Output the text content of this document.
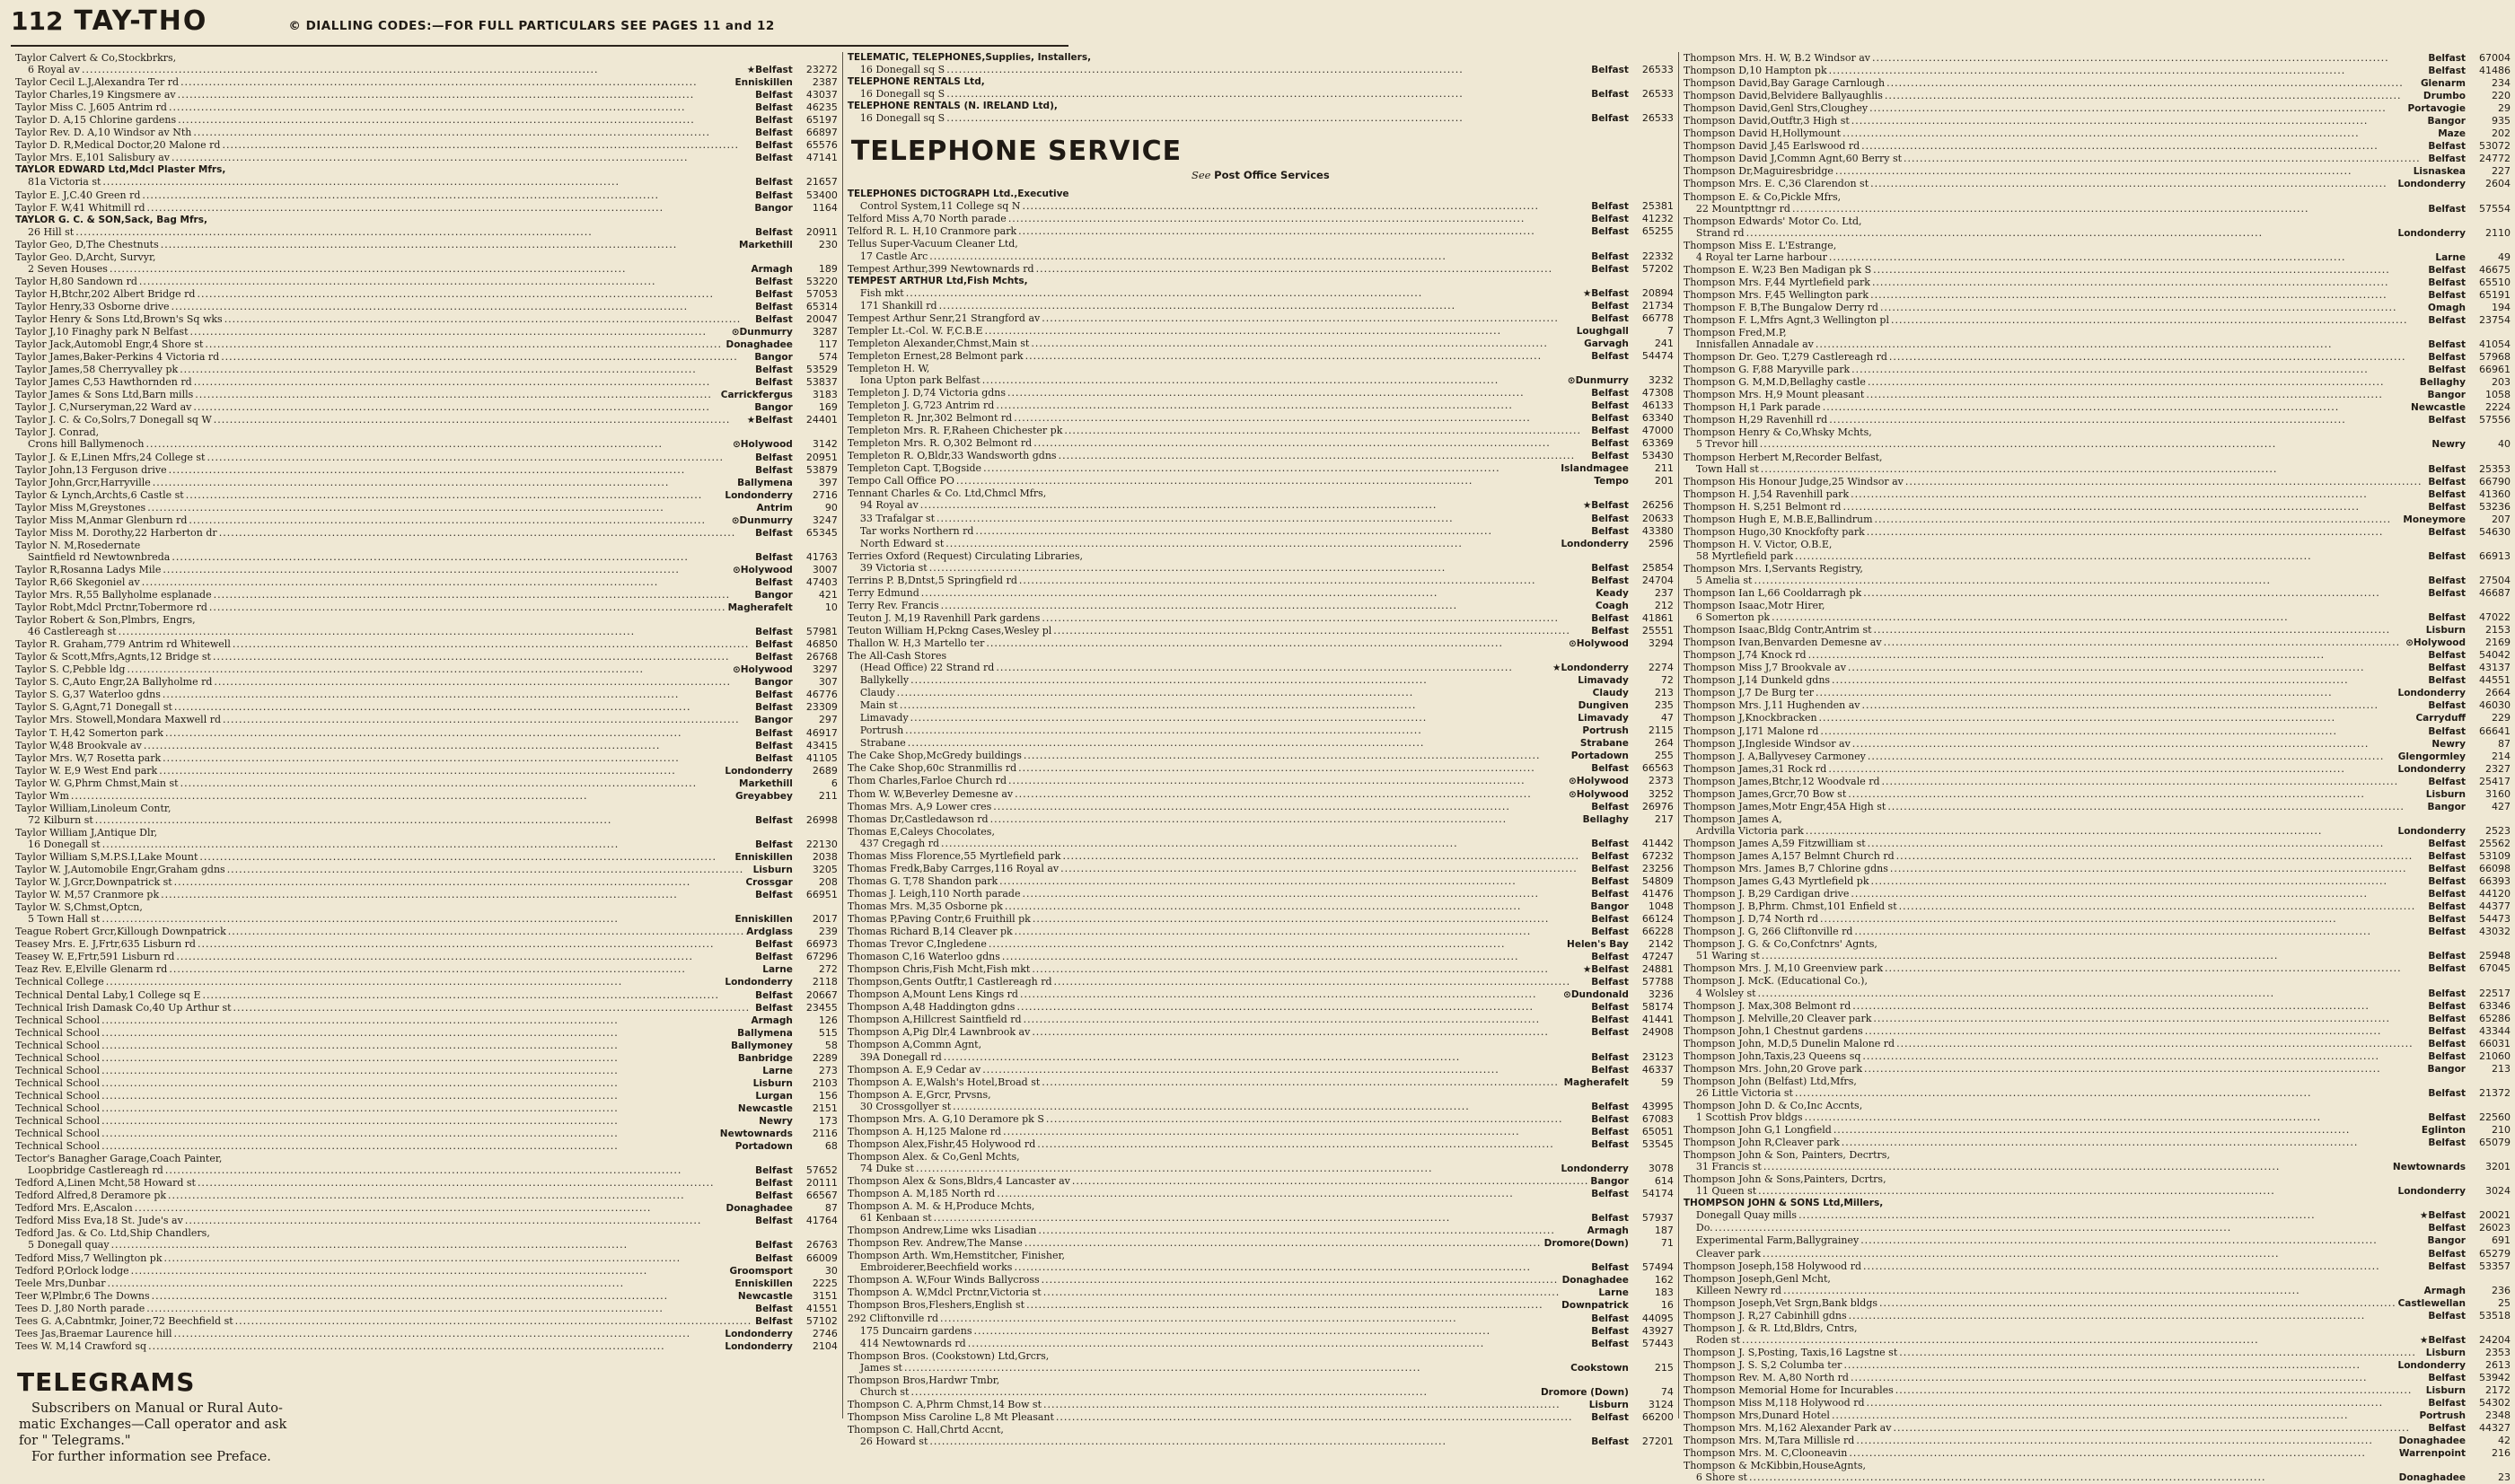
112 TAY-THO	© DIALLING CODES:—FOR FULL PARTICULARS SEE PAGES 11 and 12
Taylor Calvert & Co,Stockbrkrs,
6 Royal av .....	★Belfast	23272
Taylor Cecil L.J,Alexandra Ter rd .....	Enniskillen	2387
Taylor Charles,19 Kingsmere av .....	Belfast	43037
Taylor Miss C. J,605 Antrim rd .....	Belfast	46235
Taylor D. A,15 Chlorine gardens .....	Belfast	65197
Taylor Rev. D. A,10 Windsor av Nth .....	Belfast	66897
Taylor D. R,Medical Doctor,20 Malone rd .....	Belfast	65576
Taylor Mrs. E,101 Salisbury av .....	Belfast	47141
TAYLOR EDWARD Ltd,Mdcl Plaster Mfrs,
81a Victoria st .....	Belfast	21657
Taylor E. J,C.40 Green rd .....	Belfast	53400
Taylor F. W,41 Whitmill rd .....	Bangor	1164
TAYLOR G. C. & SON,Sack, Bag Mfrs,
26 Hill st .....	Belfast	20911
Taylor Geo, D,The Chestnuts .....	Markethill	230
Taylor Geo. D,Archt, Survyr,
2 Seven Houses .....	Armagh	189
Taylor H,80 Sandown rd .....	Belfast	53220
Taylor H,Btchr,202 Albert Bridge rd .....	Belfast	57053
Taylor Henry,33 Osborne drive .....	Belfast	65314
Taylor Henry & Sons Ltd,Brown's Sq wks .....	Belfast	20047
Taylor J,10 Finaghy park N Belfast .....	⊙Dunmurry	3287
Taylor Jack,Automobl Engr,4 Shore st .....	Donaghadee	117
Taylor James,Baker-Perkins 4 Victoria rd .....	Bangor	574
Taylor James,58 Cherryvalley pk .....	Belfast	53529
Taylor James C,53 Hawthornden rd .....	Belfast	53837
Taylor James & Sons Ltd,Barn mills .....	Carrickfergus	3183
Taylor J. C,Nurseryman,22 Ward av .....	Bangor	169
Taylor J. C. & Co,Solrs,7 Donegall sq W .....	★Belfast	24401
Taylor J. Conrad,
Crons hill Ballymenoch .....	⊙Holywood	3142
Taylor J. & E,Linen Mfrs,24 College st .....	Belfast	20951
Taylor John,13 Ferguson drive .....	Belfast	53879
Taylor John,Grcr,Harryville .....	Ballymena	397
Taylor & Lynch,Archts,6 Castle st .....	Londonderry	2716
Taylor Miss M,Greystones .....	Antrim	90
Taylor Miss M,Anmar Glenburn rd .....	⊙Dunmurry	3247
Taylor Miss M. Dorothy,22 Harberton dr .....	Belfast	65345
Taylor N. M,Rosedernate
Saintfield rd Newtownbreda .....	Belfast	41763
Taylor R,Rosanna Ladys Mile .....	⊙Holywood	3007
Taylor R,66 Skegoniel av .....	Belfast	47403
Taylor Mrs. R,55 Ballyholme esplanade .....	Bangor	421
Taylor Robt,Mdcl Prctnr,Tobermore rd .....	Magherafelt	10
Taylor Robert & Son,Plmbrs, Engrs,
46 Castlereagh st .....	Belfast	57981
Taylor R. Graham,779 Antrim rd Whitewell .....	Belfast	46850
Taylor & Scott,Mfrs,Agnts,12 Bridge st .....	Belfast	26768
Taylor S. C,Pebble ldg .....	⊙Holywood	3297
Taylor S. C,Auto Engr,2A Ballyholme rd .....	Bangor	307
Taylor S. G,37 Waterloo gdns .....	Belfast	46776
Taylor S. G,Agnt,71 Donegall st .....	Belfast	23309
Taylor Mrs. Stowell,Mondara Maxwell rd .....	Bangor	297
Taylor T. H,42 Somerton park .....	Belfast	46917
Taylor W,48 Brookvale av .....	Belfast	43415
Taylor Mrs. W,7 Rosetta park .....	Belfast	41105
Taylor W. E,9 West End park .....	Londonderry	2689
Taylor W. G,Phrm Chmst,Main st .....	Markethill	6
Taylor Wm .....	Greyabbey	211
Taylor William,Linoleum Contr,
72 Kilburn st .....	Belfast	26998
Taylor William J,Antique Dlr,
16 Donegall st .....	Belfast	22130
Taylor William S,M.P.S.I,Lake Mount .....	Enniskillen	2038
Taylor W. J,Automobile Engr,Graham gdns .....	Lisburn	3205
Taylor W. J,Grcr,Downpatrick st .....	Crossgar	208
Taylor W. M,57 Cranmore pk .....	Belfast	66951
Taylor W. S,Chmst,Optcn,
5 Town Hall st .....	Enniskillen	2017
Teague Robert Grcr,Killough Downpatrick .....	Ardglass	239
Teasey Mrs. E. J,Frtr,635 Lisburn rd .....	Belfast	66973
Teasey W. E,Frtr,591 Lisburn rd .....	Belfast	67296
Teaz Rev. E,Elville Glenarm rd .....	Larne	272
Technical College .....	Londonderry	2118
Technical Dental Laby,1 College sq E .....	Belfast	20667
Technical Irish Damask Co,40 Up Arthur st .....	Belfast	23455
Technical School .....	Armagh	126
Technical School .....	Ballymena	515
Technical School .....	Ballymoney	58
Technical School .....	Banbridge	2289
Technical School .....	Larne	273
Technical School .....	Lisburn	2103
Technical School .....	Lurgan	156
Technical School .....	Newcastle	2151
Technical School .....	Newry	173
Technical School .....	Newtownards	2116
Technical School .....	Portadown	68
Tector's Banagher Garage,Coach Painter,
Loopbridge Castlereagh rd .....	Belfast	57652
Tedford A,Linen Mcht,58 Howard st .....	Belfast	20111
Tedford Alfred,8 Deramore pk .....	Belfast	66567
Tedford Mrs. E,Ascalon .....	Donaghadee	87
Tedford Miss Eva,18 St. Jude's av .....	Belfast	41764
Tedford Jas. & Co. Ltd,Ship Chandlers,
5 Donegall quay .....	Belfast	26763
Tedford Miss,7 Wellington pk .....	Belfast	66009
Tedford P,Orlock lodge .....	Groomsport	30
Teele Mrs,Dunbar .....	Enniskillen	2225
Teer W,Plmbr,6 The Downs .....	Newcastle	3151
Tees D. J,80 North parade .....	Belfast	41551
Tees G. A,Cabntmkr, Joiner,72 Beechfield st .....	Belfast	57102
Tees Jas,Braemar Laurence hill .....	Londonderry	2746
Tees W. M,14 Crawford sq .....	Londonderry	2104
TELEGRAMS

Subscribers on Manual or Rural Auto-

matic Exchanges—Call operator and ask

for " Telegrams."

For further information see Preface.

TELEMATIC, TELEPHONES,Supplies, Installers,
16 Donegall sq S .....	Belfast	26533
TELEPHONE RENTALS Ltd,
16 Donegall sq S .....	Belfast	26533
TELEPHONE RENTALS (N. IRELAND Ltd),
16 Donegall sq S .....	Belfast	26533
TELEPHONE SERVICE
See Post Office Services
TELEPHONES DICTOGRAPH Ltd.,Executive
Control System,11 College sq N .....	Belfast	25381
Telford Miss A,70 North parade .....	Belfast	41232
Telford R. L. H,10 Cranmore park .....	Belfast	65255
Tellus Super-Vacuum Cleaner Ltd,
17 Castle Arc .....	Belfast	22332
Tempest Arthur,399 Newtownards rd .....	Belfast	57202
TEMPEST ARTHUR Ltd,Fish Mchts,
Fish mkt .....	★Belfast	20894
171 Shankill rd .....	Belfast	21734
Tempest Arthur Senr,21 Strangford av .....	Belfast	66778
Templer Lt.-Col. W. F,C.B.E .....	Loughgall	7
Templeton Alexander,Chmst,Main st .....	Garvagh	241
Templeton Ernest,28 Belmont park .....	Belfast	54474
Templeton H. W,
Iona Upton park Belfast .....	⊙Dunmurry	3232
Templeton J. D,74 Victoria gdns .....	Belfast	47308
Templeton J. G,723 Antrim rd .....	Belfast	46133
Templeton R. Jnr,302 Belmont rd .....	Belfast	63340
Templeton Mrs. R. F,Raheen Chichester pk .....	Belfast	47000
Templeton Mrs. R. O,302 Belmont rd .....	Belfast	63369
Templeton R. O,Bldr,33 Wandsworth gdns .....	Belfast	53430
Templeton Capt. T,Bogside .....	Islandmagee	211
Tempo Call Office PO .....	Tempo	201
Tennant Charles & Co. Ltd,Chmcl Mfrs,
94 Royal av .....	★Belfast	26256
33 Trafalgar st .....	Belfast	20633
Tar works Northern rd .....	Belfast	43380
North Edward st .....	Londonderry	2596
Terries Oxford (Request) Circulating Libraries,
39 Victoria st .....	Belfast	25854
Terrins P. B,Dntst,5 Springfield rd .....	Belfast	24704
Terry Edmund .....	Keady	237
Terry Rev. Francis .....	Coagh	212
Teuton J. M,19 Ravenhill Park gardens .....	Belfast	41861
Teuton William H,Pckng Cases,Wesley pl .....	Belfast	25551
Thallon W. H,3 Martello ter .....	⊙Holywood	3294
The All-Cash Stores
(Head Office) 22 Strand rd .....	★Londonderry	2274
Ballykelly .....	Limavady	72
Claudy .....	Claudy	213
Main st .....	Dungiven	235
Limavady .....	Limavady	47
Portrush .....	Portrush	2115
Strabane .....	Strabane	264
The Cake Shop,McGredy buildings .....	Portadown	255
The Cake Shop,60c Stranmillis rd .....	Belfast	66563
Thom Charles,Farloe Church rd .....	⊙Holywood	2373
Thom W. W,Beverley Demesne av .....	⊙Holywood	3252
Thomas Mrs. A,9 Lower cres .....	Belfast	26976
Thomas Dr,Castledawson rd .....	Bellaghy	217
Thomas E,Caleys Chocolates,
437 Cregagh rd .....	Belfast	41442
Thomas Miss Florence,55 Myrtlefield park .....	Belfast	67232
Thomas Fredk,Baby Carrges,116 Royal av .....	Belfast	23256
Thomas G. T,78 Shandon park .....	Belfast	54809
Thomas J. Leigh,110 North parade .....	Belfast	41476
Thomas Mrs. M,35 Osborne pk .....	Bangor	1048
Thomas P,Paving Contr,6 Fruithill pk .....	Belfast	66124
Thomas Richard B,14 Cleaver pk .....	Belfast	66228
Thomas Trevor C,Ingledene .....	Helen's Bay	2142
Thomason C,16 Waterloo gdns .....	Belfast	47247
Thompson Chris,Fish Mcht,Fish mkt .....	★Belfast	24881
Thompson,Gents Outftr,1 Castlereagh rd .....	Belfast	57788
Thompson A,Mount Lens Kings rd .....	⊙Dundonald	3236
Thompson A,48 Haddington gdns .....	Belfast	58174
Thompson A,Hillcrest Saintfield rd .....	Belfast	41441
Thompson A,Pig Dlr,4 Lawnbrook av .....	Belfast	24908
Thompson A,Commn Agnt,
39A Donegall rd .....	Belfast	23123
Thompson A. E,9 Cedar av .....	Belfast	46337
Thompson A. E,Walsh's Hotel,Broad st .....	Magherafelt	59
Thompson A. E,Grcr, Prvsns,
30 Crossgollyer st .....	Belfast	43995
Thompson Mrs. A. G,10 Deramore pk S .....	Belfast	67083
Thompson A. H,125 Malone rd .....	Belfast	65051
Thompson Alex,Fishr,45 Holywood rd .....	Belfast	53545
Thompson Alex. & Co,Genl Mchts,
74 Duke st .....	Londonderry	3078
Thompson Alex & Sons,Bldrs,4 Lancaster av .....	Bangor	614
Thompson A. M,185 North rd .....	Belfast	54174
Thompson A. M. & H,Produce Mchts,
61 Kenbaan st .....	Belfast	57937
Thompson Andrew,Lime wks Lisadian .....	Armagh	187
Thompson Rev. Andrew,The Manse .....	Dromore(Down)	71
Thompson Arth. Wm,Hemstitcher, Finisher,
Embroiderer,Beechfield works .....	Belfast	57494
Thompson A. W,Four Winds Ballycross .....	Donaghadee	162
Thompson A. W,Mdcl Prctnr,Victoria st .....	Larne	183
Thompson Bros,Fleshers,English st .....	Downpatrick	16
292 Cliftonville rd .....	Belfast	44095
175 Duncairn gardens .....	Belfast	43927
414 Newtownards rd .....	Belfast	57443
Thompson Bros. (Cookstown) Ltd,Grcrs,
James st .....	Cookstown	215
Thompson Bros,Hardwr Tmbr,
Church st .....	Dromore (Down)	74
Thompson C. A,Phrm Chmst,14 Bow st .....	Lisburn	3124
Thompson Miss Caroline L,8 Mt Pleasant .....	Belfast	66200
Thompson C. Hall,Chrtd Accnt,
26 Howard st .....	Belfast	27201
Thompson Mrs. H. W, B.2 Windsor av .....	Belfast	67004
Thompson D,10 Hampton pk .....	Belfast	41486
Thompson David,Bay Garage Carnlough .....	Glenarm	234
Thompson David,Belvidere Ballyaughlis .....	Drumbo	220
Thompson David,Genl Strs,Cloughey .....	Portavogie	29
Thompson David,Outftr,3 High st .....	Bangor	935
Thompson David H,Hollymount .....	Maze	202
Thompson David J,45 Earlswood rd .....	Belfast	53072
Thompson David J,Commn Agnt,60 Berry st .....	Belfast	24772
Thompson Dr,Maguiresbridge .....	Lisnaskea	227
Thompson Mrs. E. C,36 Clarendon st .....	Londonderry	2604
Thompson E. & Co,Pickle Mfrs,
22 Mountpttngr rd .....	Belfast	57554
Thompson Edwards' Motor Co. Ltd,
Strand rd .....	Londonderry	2110
Thompson Miss E. L'Estrange,
4 Royal ter Larne harbour .....	Larne	49
Thompson E. W,23 Ben Madigan pk S .....	Belfast	46675
Thompson Mrs. F,44 Myrtlefield park .....	Belfast	65510
Thompson Mrs. F,45 Wellington park .....	Belfast	65191
Thompson F. B,The Bungalow Derry rd .....	Omagh	194
Thompson F. L,Mfrs Agnt,3 Wellington pl .....	Belfast	23754
Thompson Fred,M.P,
Innisfallen Annadale av .....	Belfast	41054
Thompson Dr. Geo. T,279 Castlereagh rd .....	Belfast	57968
Thompson G. F,88 Maryville park .....	Belfast	66961
Thompson G. M,M.D,Bellaghy castle .....	Bellaghy	203
Thompson Mrs. H,9 Mount pleasant .....	Bangor	1058
Thompson H,1 Park parade .....	Newcastle	2224
Thompson H,29 Ravenhill rd .....	Belfast	57556
Thompson Henry & Co,Whsky Mchts,
5 Trevor hill .....	Newry	40
Thompson Herbert M,Recorder Belfast,
Town Hall st .....	Belfast	25353
Thompson His Honour Judge,25 Windsor av .....	Belfast	66790
Thompson H. J,54 Ravenhill park .....	Belfast	41360
Thompson H. S,251 Belmont rd .....	Belfast	53236
Thompson Hugh E, M.B.E,Ballindrum .....	Moneymore	207
Thompson Hugo,30 Knockfofty park .....	Belfast	54630
Thompson H. V. Victor, O.B.E,
58 Myrtlefield park .....	Belfast	66913
Thompson Mrs. I,Servants Registry,
5 Amelia st .....	Belfast	27504
Thompson Ian L,66 Cooldarragh pk .....	Belfast	46687
Thompson Isaac,Motr Hirer,
6 Somerton pk .....	Belfast	47022
Thompson Isaac,Bldg Contr,Antrim st .....	Lisburn	2153
Thompson Ivan,Benvarden Demesne av .....	⊙Holywood	2169
Thompson J,74 Knock rd .....	Belfast	54042
Thompson Miss J,7 Brookvale av .....	Belfast	43137
Thompson J,14 Dunkeld gdns .....	Belfast	44551
Thompson J,7 De Burg ter .....	Londonderry	2664
Thompson Mrs. J,11 Hughenden av .....	Belfast	46030
Thompson J,Knockbracken .....	Carryduff	229
Thompson J,171 Malone rd .....	Belfast	66641
Thompson J,Ingleside Windsor av .....	Newry	87
Thompson J. A,Ballyvesey Carmoney .....	Glengormley	214
Thompson James,31 Rock rd .....	Londonderry	2327
Thompson James,Btchr,12 Woodvale rd .....	Belfast	25417
Thompson James,Grcr,70 Bow st .....	Lisburn	3160
Thompson James,Motr Engr,45A High st .....	Bangor	427
Thompson James A,
Ardvilla Victoria park .....	Londonderry	2523
Thompson James A,59 Fitzwilliam st .....	Belfast	25562
Thompson James A,157 Belmnt Church rd .....	Belfast	53109
Thompson Mrs. James B,7 Chlorine gdns .....	Belfast	66098
Thompson James G,43 Myrtlefield pk .....	Belfast	66393
Thompson J. B,29 Cardigan drive .....	Belfast	44120
Thompson J. B,Phrm. Chmst,101 Enfield st .....	Belfast	44377
Thompson J. D,74 North rd .....	Belfast	54473
Thompson J. G, 266 Cliftonville rd .....	Belfast	43032
Thompson J. G. & Co,Confctnrs' Agnts,
51 Waring st .....	Belfast	25948
Thompson Mrs. J. M,10 Greenview park .....	Belfast	67045
Thompson J. McK. (Educational Co.),
4 Wolsley st .....	Belfast	22517
Thompson J. Max,308 Belmont rd .....	Belfast	63346
Thompson J. Melville,20 Cleaver park .....	Belfast	65286
Thompson John,1 Chestnut gardens .....	Belfast	43344
Thompson John, M.D,5 Dunelin Malone rd .....	Belfast	66031
Thompson John,Taxis,23 Queens sq .....	Belfast	21060
Thompson Mrs. John,20 Grove park .....	Bangor	213
Thompson John (Belfast) Ltd,Mfrs,
26 Little Victoria st .....	Belfast	21372
Thompson John D. & Co,Inc Accnts,
1 Scottish Prov bldgs .....	Belfast	22560
Thompson John G,1 Longfield .....	Eglinton	210
Thompson John R,Cleaver park .....	Belfast	65079
Thompson John & Son, Painters, Decrtrs,
31 Francis st .....	Newtownards	3201
Thompson John & Sons,Painters, Dcrtrs,
11 Queen st .....	Londonderry	3024
THOMPSON JOHN & SONS Ltd,Millers,
Donegall Quay mills .....	★Belfast	20021
Do. .....	Belfast	26023
Experimental Farm,Ballygrainey .....	Bangor	691
Cleaver park .....	Belfast	65279
Thompson Joseph,158 Holywood rd .....	Belfast	53357
Thompson Joseph,Genl Mcht,
Killeen Newry rd .....	Armagh	236
Thompson Joseph,Vet Srgn,Bank bldgs .....	Castlewellan	25
Thompson J. R,27 Cabinhill gdns .....	Belfast	53518
Thompson J. & R. Ltd,Bldrs, Cntrs,
Roden st .....	★Belfast	24204
Thompson J. S,Posting, Taxis,16 Lagstne st .....	Lisburn	2353
Thompson J. S. S,2 Columba ter .....	Londonderry	2613
Thompson Rev. M. A,80 North rd .....	Belfast	53942
Thompson Memorial Home for Incurables .....	Lisburn	2172
Thompson Miss M,118 Holywood rd .....	Belfast	54302
Thompson Mrs,Dunard Hotel .....	Portrush	2348
Thompson Mrs. M,162 Alexander Park av .....	Belfast	44327
Thompson Mrs. M,Tara Millisle rd .....	Donaghadee	42
Thompson Mrs. M. C,Clooneavin .....	Warrenpoint	216
Thompson & McKibbin,HouseAgnts,
6 Shore st .....	Donaghadee	23
